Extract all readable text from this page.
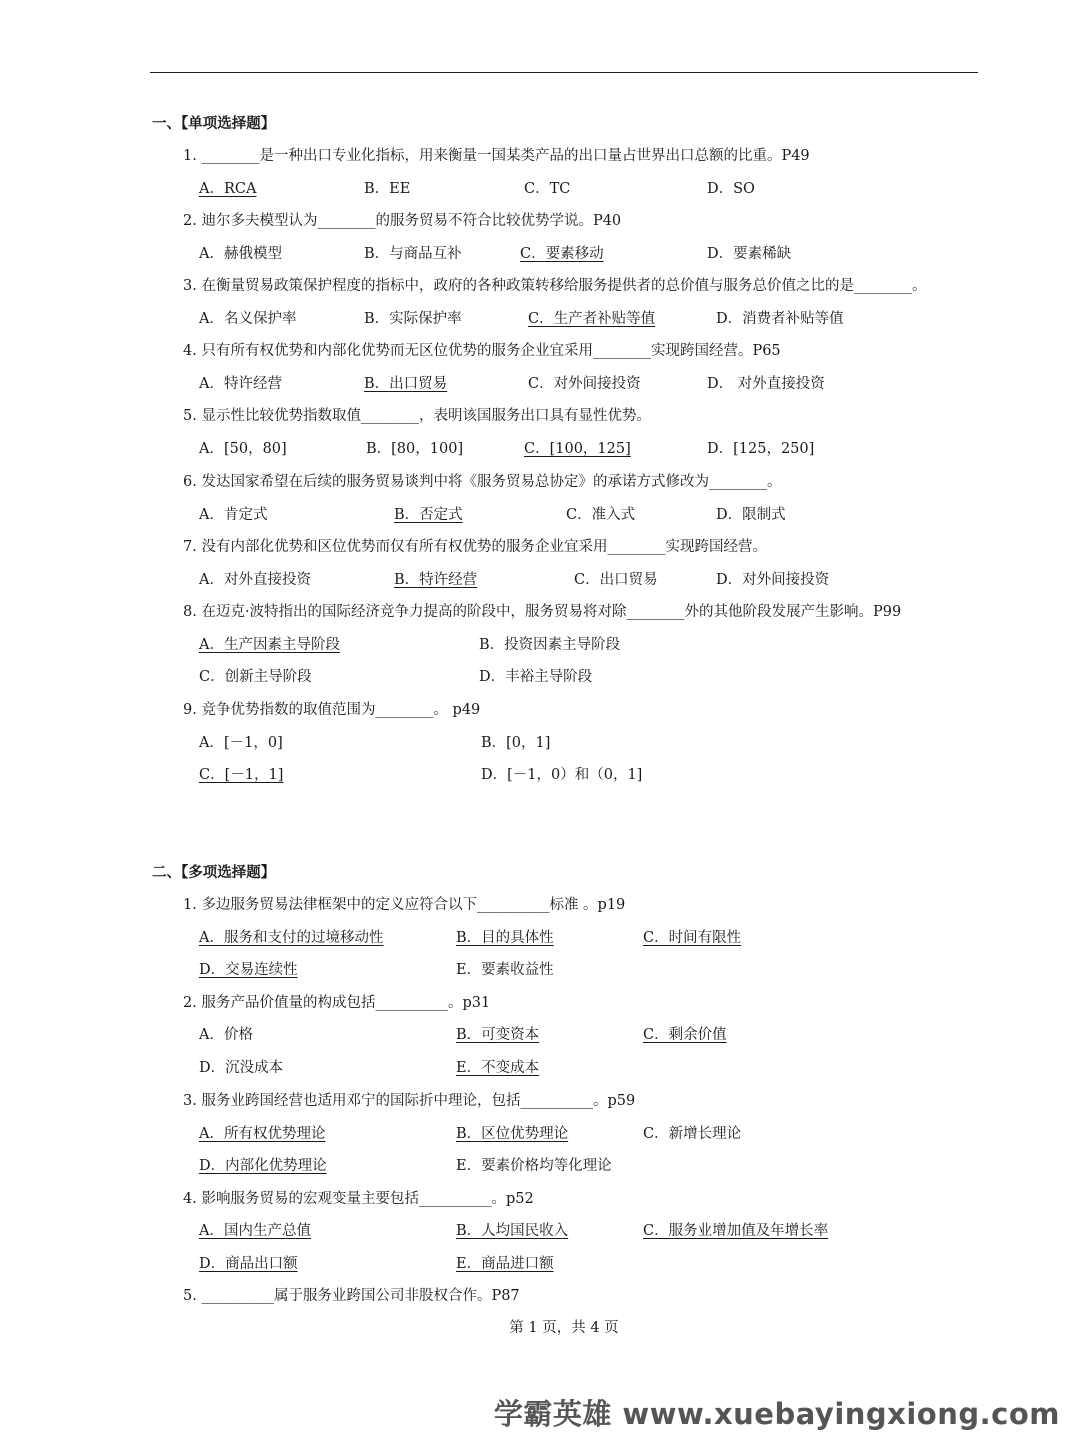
一、【单项选择题】
1. ________是一种出口专业化指标，用来衡量一国某类产品的出口量占世界出口总额的比重。P49
A．RCA	B．EE	C．TC	D．SO
2. 迪尔多夫模型认为________的服务贸易不符合比较优势学说。P40
A．赫俄模型	B．与商品互补	C．要素移动	D．要素稀缺
3. 在衡量贸易政策保护程度的指标中，政府的各种政策转移给服务提供者的总价值与服务总价值之比的是________。
A．名义保护率	B．实际保护率	C．生产者补贴等值	D．消费者补贴等值
4. 只有所有权优势和内部化优势而无区位优势的服务企业宜采用________实现跨国经营。P65
A．特许经营	B．出口贸易	C．对外间接投资	D． 对外直接投资
5. 显示性比较优势指数取值________，表明该国服务出口具有显性优势。
A．[50，80]	B．[80，100]	C．[100，125]	D．[125，250]
6. 发达国家希望在后续的服务贸易谈判中将《服务贸易总协定》的承诺方式修改为________。
A．肯定式	B．否定式	C．准入式	D．限制式
7. 没有内部化优势和区位优势而仅有所有权优势的服务企业宜采用________实现跨国经营。
A．对外直接投资	B．特许经营	C．出口贸易	D．对外间接投资
8. 在迈克·波特指出的国际经济竞争力提高的阶段中，服务贸易将对除________外的其他阶段发展产生影响。P99
A．生产因素主导阶段	B．投资因素主导阶段
C．创新主导阶段	D．丰裕主导阶段
9. 竞争优势指数的取值范围为________。 p49
A．[－1，0]	B．[0，1]
C．[－1，1]	D．[－1，0）和（0，1]
二、【多项选择题】
1. 多边服务贸易法律框架中的定义应符合以下__________标准 。p19
A．服务和支付的过境移动性	B．目的具体性	C．时间有限性
D．交易连续性	E．要素收益性
2. 服务产品价值量的构成包括__________。p31
A．价格	B．可变资本	C．剩余价值
D．沉没成本	E．不变成本
3. 服务业跨国经营也适用邓宁的国际折中理论，包括__________。p59
A．所有权优势理论	B．区位优势理论	C．新增长理论
D．内部化优势理论	E．要素价格均等化理论
4. 影响服务贸易的宏观变量主要包括__________。p52
A．国内生产总值	B．人均国民收入	C．服务业增加值及年增长率
D．商品出口额	E．商品进口额
5. __________属于服务业跨国公司非股权合作。P87
第 1 页，共 4 页
学霸英雄 www.xuebayingxiong.com
